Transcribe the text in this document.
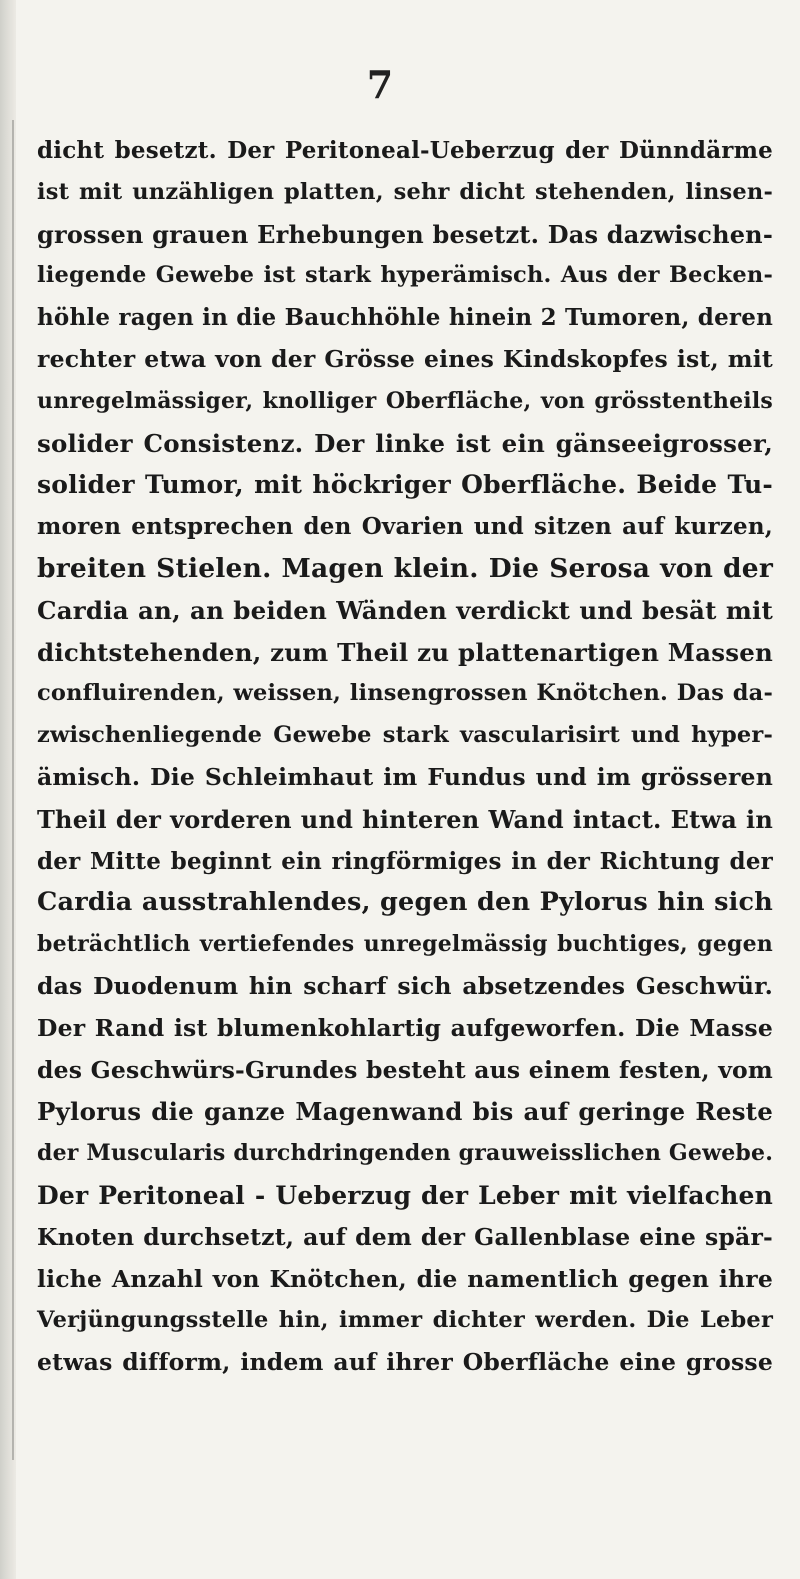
7
dicht besetzt. Der Peritoneal-Ueberzug der Dünndärme
ist mit unzähligen platten, sehr dicht stehenden, linsen-
grossen grauen Erhebungen besetzt. Das dazwischen-
liegende Gewebe ist stark hyperämisch. Aus der Becken-
höhle ragen in die Bauchhöhle hinein 2 Tumoren, deren
rechter etwa von der Grösse eines Kindskopfes ist, mit
unregelmässiger, knolliger Oberfläche, von grösstentheils
solider Consistenz. Der linke ist ein gänseeigrosser,
solider Tumor, mit höckriger Oberfläche. Beide Tu-
moren entsprechen den Ovarien und sitzen auf kurzen,
breiten Stielen. Magen klein. Die Serosa von der
Cardia an, an beiden Wänden verdickt und besät mit
dichtstehenden, zum Theil zu plattenartigen Massen
confluirenden, weissen, linsengrossen Knötchen. Das da-
zwischenliegende Gewebe stark vascularisirt und hyper-
ämisch. Die Schleimhaut im Fundus und im grösseren
Theil der vorderen und hinteren Wand intact. Etwa in
der Mitte beginnt ein ringförmiges in der Richtung der
Cardia ausstrahlendes, gegen den Pylorus hin sich
beträchtlich vertiefendes unregelmässig buchtiges, gegen
das Duodenum hin scharf sich absetzendes Geschwür.
Der Rand ist blumenkohlartig aufgeworfen. Die Masse
des Geschwürs-Grundes besteht aus einem festen, vom
Pylorus die ganze Magenwand bis auf geringe Reste
der Muscularis durchdringenden grauweisslichen Gewebe.
Der Peritoneal - Ueberzug der Leber mit vielfachen
Knoten durchsetzt, auf dem der Gallenblase eine spär-
liche Anzahl von Knötchen, die namentlich gegen ihre
Verjüngungsstelle hin, immer dichter werden. Die Leber
etwas difform, indem auf ihrer Oberfläche eine grosse
